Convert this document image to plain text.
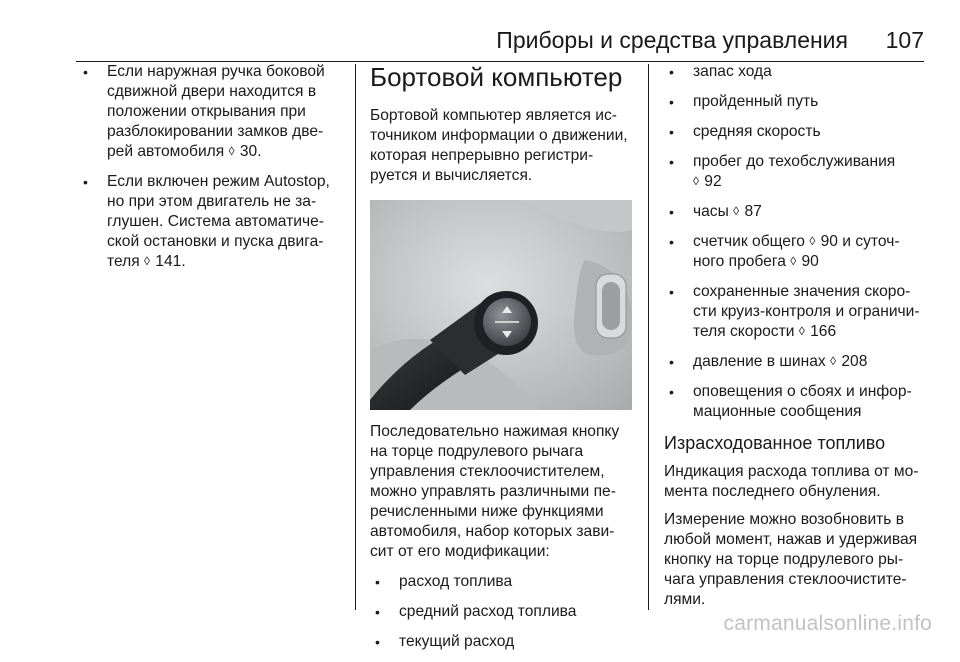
Приборы и средства управления 107
• Если наружная ручка боковой
сдвижной двери находится в
положении открывания при
разблокировании замков две-
рей автомобиля ◊ 30.
• Если включен режим Autostop,
но при этом двигатель не за-
глушен. Система автоматиче-
ской остановки и пуска двига-
теля ◊ 141.
Бортовой компьютер
Бортовой компьютер является ис-
точником информации о движении,
которая непрерывно регистри-
руется и вычисляется.
Последовательно нажимая кнопку
на торце подрулевого рычага
управления стеклоочистителем,
можно управлять различными пе-
речисленными ниже функциями
автомобиля, набор которых зави-
сит от его модификации:
• расход топлива
• средний расход топлива
• текущий расход
• запас хода
• пройденный путь
• средняя скорость
• пробег до техобслуживания
◊ 92
• часы ◊ 87
• счетчик общего ◊ 90 и суточ-
ного пробега ◊ 90
• сохраненные значения скоро-
сти круиз-контроля и ограничи-
теля скорости ◊ 166
• давление в шинах ◊ 208
• оповещения о сбоях и инфор-
мационные сообщения
Израсходованное топливо
Индикация расхода топлива от мо-
мента последнего обнуления.
Измерение можно возобновить в
любой момент, нажав и удерживая
кнопку на торце подрулевого ры-
чага управления стеклоочистите-
лями.
carmanualsonline.info
